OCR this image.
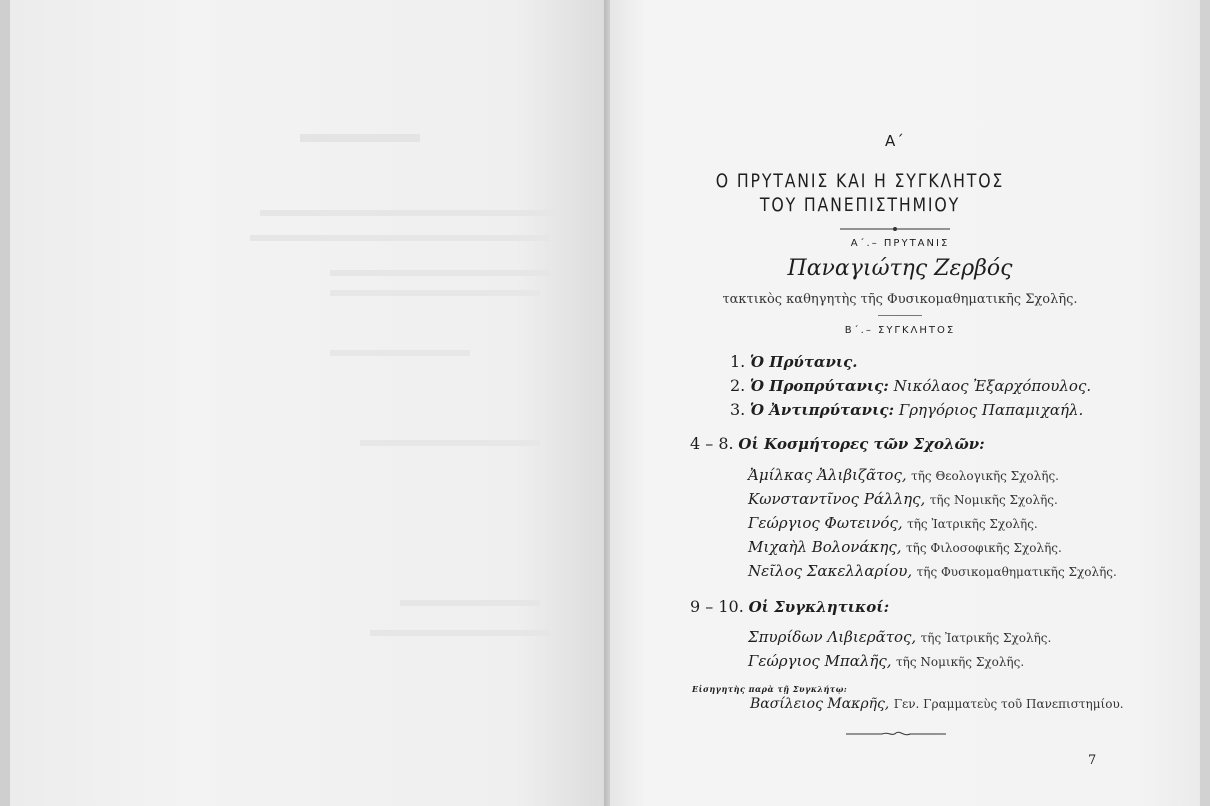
Α΄
Ο ΠΡΥΤΑΝΙΣ ΚΑΙ Η ΣΥΓΚΛΗΤΟΣ
ΤΟΥ ΠΑΝΕΠΙΣΤΗΜΙΟΥ
Α΄.– ΠΡΥΤΑΝΙΣ
Παναγιώτης Ζερβός
τακτικὸς καθηγητὴς τῆς Φυσικομαθηματικῆς Σχολῆς.
Β΄.– ΣΥΓΚΛΗΤΟΣ
1. Ὁ Πρύτανις.
2. Ὁ Προπρύτανις: Νικόλαος Ἐξαρχόπουλος.
3. Ὁ Ἀντιπρύτανις: Γρηγόριος Παπαμιχαήλ.
4 – 8. Οἱ Κοσμήτορες τῶν Σχολῶν:
Ἀμίλκας Ἀλιβιζᾶτος, τῆς Θεολογικῆς Σχολῆς.
Κωνσταντῖνος Ράλλης, τῆς Νομικῆς Σχολῆς.
Γεώργιος Φωτεινός, τῆς Ἰατρικῆς Σχολῆς.
Μιχαὴλ Βολονάκης, τῆς Φιλοσοφικῆς Σχολῆς.
Νεῖλος Σακελλαρίου, τῆς Φυσικομαθηματικῆς Σχολῆς.
9 – 10. Οἱ Συγκλητικοί:
Σπυρίδων Λιβιερᾶτος, τῆς Ἰατρικῆς Σχολῆς.
Γεώργιος Μπαλῆς, τῆς Νομικῆς Σχολῆς.
Εἰσηγητὴς παρὰ τῇ Συγκλήτῳ:
Βασίλειος Μακρῆς, Γεν. Γραμματεὺς τοῦ Πανεπιστημίου.
7
